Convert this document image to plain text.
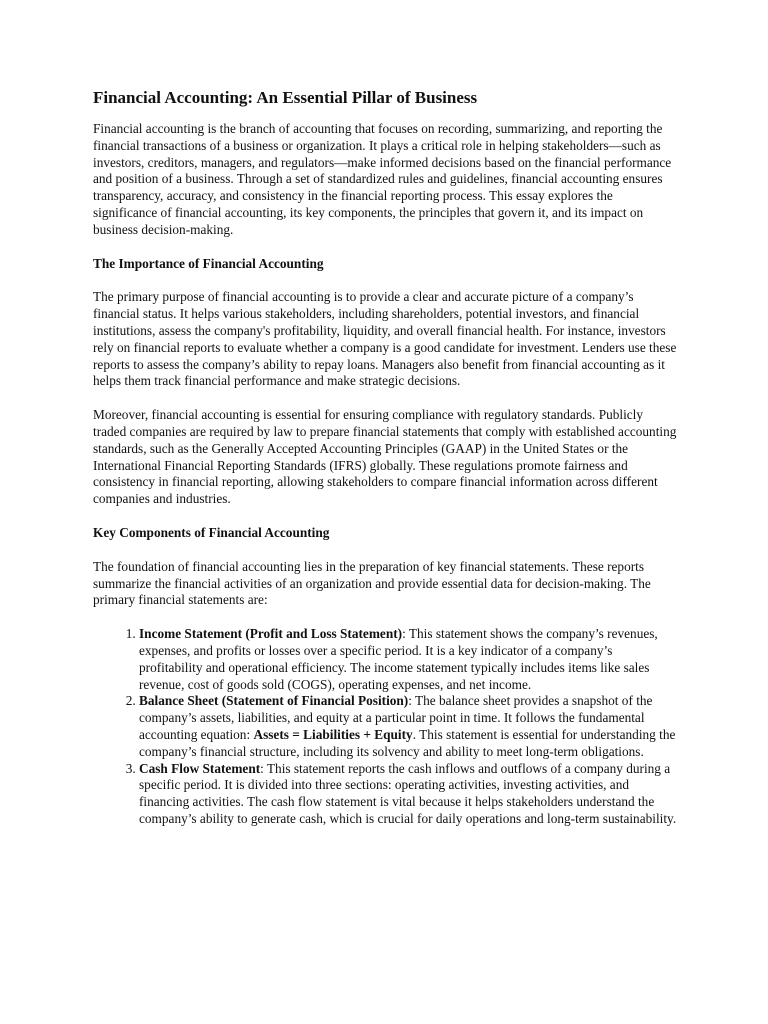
Financial Accounting: An Essential Pillar of Business

Financial accounting is the branch of accounting that focuses on recording, summarizing, and reporting the financial transactions of a business or organization. It plays a critical role in helping stakeholders—such as investors, creditors, managers, and regulators—make informed decisions based on the financial performance and position of a business. Through a set of standardized rules and guidelines, financial accounting ensures transparency, accuracy, and consistency in the financial reporting process. This essay explores the significance of financial accounting, its key components, the principles that govern it, and its impact on business decision-making.

The Importance of Financial Accounting

The primary purpose of financial accounting is to provide a clear and accurate picture of a company’s financial status. It helps various stakeholders, including shareholders, potential investors, and financial institutions, assess the company's profitability, liquidity, and overall financial health. For instance, investors rely on financial reports to evaluate whether a company is a good candidate for investment. Lenders use these reports to assess the company’s ability to repay loans. Managers also benefit from financial accounting as it helps them track financial performance and make strategic decisions.

Moreover, financial accounting is essential for ensuring compliance with regulatory standards. Publicly traded companies are required by law to prepare financial statements that comply with established accounting standards, such as the Generally Accepted Accounting Principles (GAAP) in the United States or the International Financial Reporting Standards (IFRS) globally. These regulations promote fairness and consistency in financial reporting, allowing stakeholders to compare financial information across different companies and industries.

Key Components of Financial Accounting

The foundation of financial accounting lies in the preparation of key financial statements. These reports summarize the financial activities of an organization and provide essential data for decision-making. The primary financial statements are:

1. Income Statement (Profit and Loss Statement): This statement shows the company’s revenues, expenses, and profits or losses over a specific period. It is a key indicator of a company’s profitability and operational efficiency. The income statement typically includes items like sales revenue, cost of goods sold (COGS), operating expenses, and net income.
2. Balance Sheet (Statement of Financial Position): The balance sheet provides a snapshot of the company’s assets, liabilities, and equity at a particular point in time. It follows the fundamental accounting equation: Assets = Liabilities + Equity. This statement is essential for understanding the company’s financial structure, including its solvency and ability to meet long-term obligations.
3. Cash Flow Statement: This statement reports the cash inflows and outflows of a company during a specific period. It is divided into three sections: operating activities, investing activities, and financing activities. The cash flow statement is vital because it helps stakeholders understand the company’s ability to generate cash, which is crucial for daily operations and long-term sustainability.
